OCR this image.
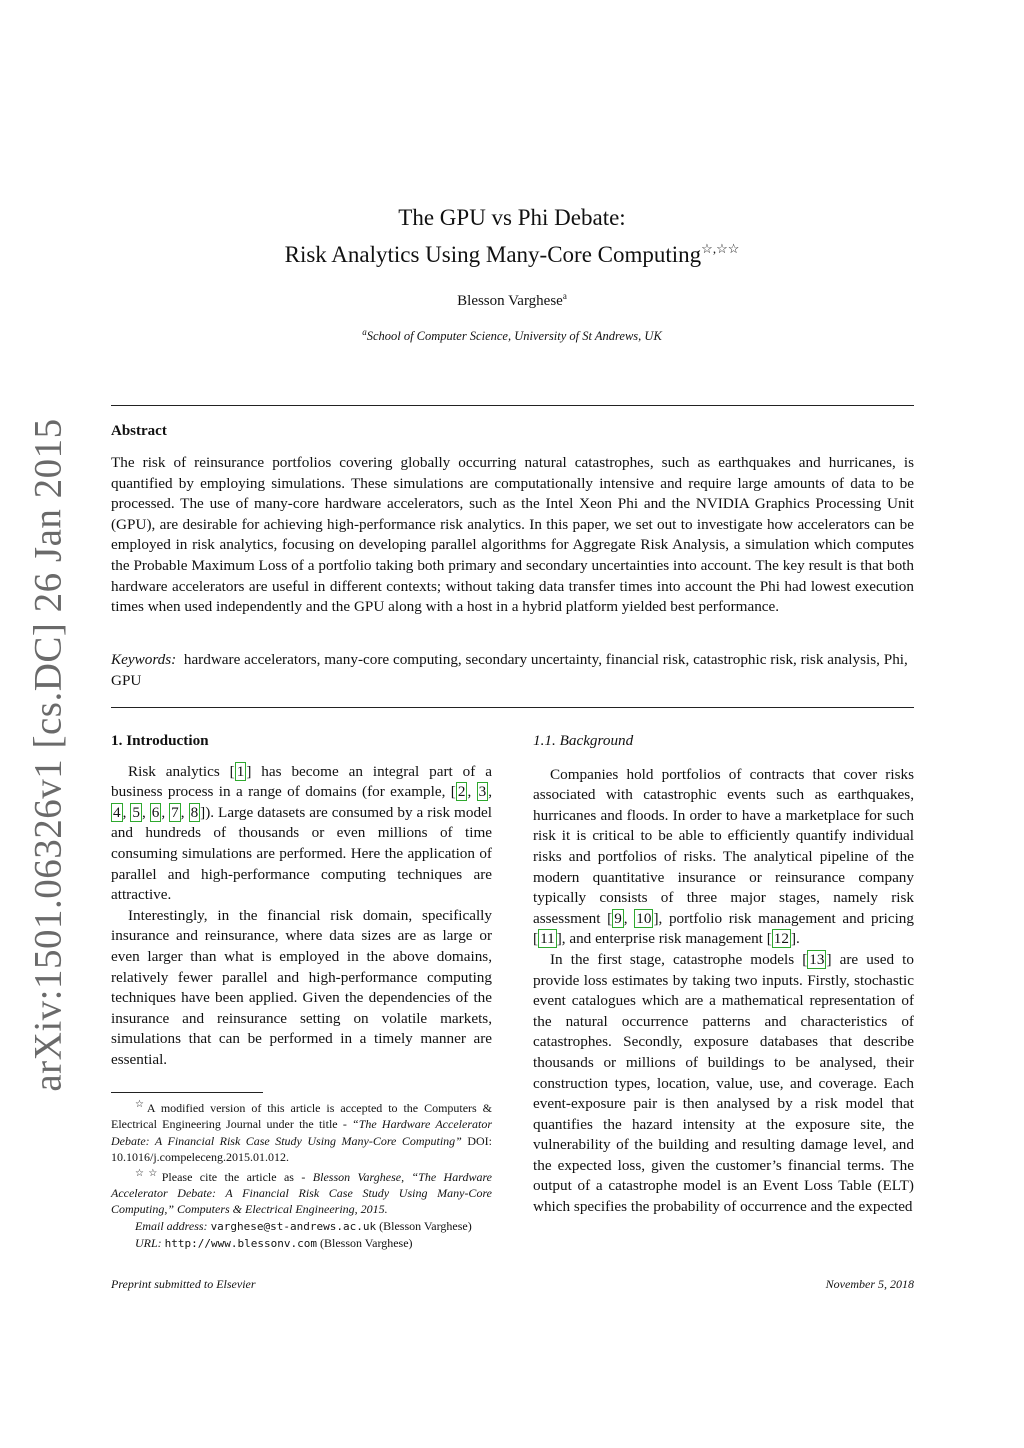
arXiv:1501.06326v1 [cs.DC] 26 Jan 2015
The GPU vs Phi Debate:
Risk Analytics Using Many-Core Computing☆,☆☆
Blesson Varghese$^a$
$^a$School of Computer Science, University of St Andrews, UK
Abstract

The risk of reinsurance portfolios covering globally occurring natural catastrophes, such as earthquakes and hurricanes, is quantified by employing simulations. These simulations are computationally intensive and require large amounts of data to be processed. The use of many-core hardware accelerators, such as the Intel Xeon Phi and the NVIDIA Graphics Processing Unit (GPU), are desirable for achieving high-performance risk analytics. In this paper, we set out to investigate how accelerators can be employed in risk analytics, focusing on developing parallel algorithms for Aggregate Risk Analysis, a simulation which computes the Probable Maximum Loss of a portfolio taking both primary and secondary uncertainties into account. The key result is that both hardware accelerators are useful in different contexts; without taking data transfer times into account the Phi had lowest execution times when used independently and the GPU along with a host in a hybrid platform yielded best performance.

Keywords: hardware accelerators, many-core computing, secondary uncertainty, financial risk, catastrophic risk, risk analysis, Phi, GPU

1. Introduction

Risk analytics [ 1 ] has become an integral part of a business process in a range of domains (for example, [ 2 , 3 , 4 , 5 , 6 , 7 , 8 ]). Large datasets are consumed by a risk model and hundreds of thousands or even millions of time consuming simulations are performed. Here the application of parallel and high-performance computing techniques are attractive.

Interestingly, in the financial risk domain, specifically insurance and reinsurance, where data sizes are as large or even larger than what is employed in the above domains, relatively fewer parallel and high-performance computing techniques have been applied. Given the dependencies of the insurance and reinsurance setting on volatile markets, simulations that can be performed in a timely manner are essential.

1.1. Background

Companies hold portfolios of contracts that cover risks associated with catastrophic events such as earthquakes, hurricanes and floods. In order to have a marketplace for such risk it is critical to be able to efficiently quantify individual risks and portfolios of risks. The analytical pipeline of the modern quantitative insurance or reinsurance company typically consists of three major stages, namely risk assessment [ 9 , 10 ], portfolio risk management and pricing [ 11 ], and enterprise risk management [ 12 ].

In the first stage, catastrophe models [ 13 ] are used to provide loss estimates by taking two inputs. Firstly, stochastic event catalogues which are a mathematical representation of the natural occurrence patterns and characteristics of catastrophes. Secondly, exposure databases that describe thousands or millions of buildings to be analysed, their construction types, location, value, use, and coverage. Each event-exposure pair is then analysed by a risk model that quantifies the hazard intensity at the exposure site, the vulnerability of the building and resulting damage level, and the expected loss, given the customer’s financial terms. The output of a catastrophe model is an Event Loss Table (ELT) which specifies the probability of occurrence and the expected

☆A modified version of this article is accepted to the Computers & Electrical Engineering Journal under the title - “The Hardware Accelerator Debate: A Financial Risk Case Study Using Many-Core Computing” DOI: 10.1016/j.compeleceng.2015.01.012.

☆☆Please cite the article as - Blesson Varghese, “The Hardware Accelerator Debate: A Financial Risk Case Study Using Many-Core Computing,” Computers & Electrical Engineering, 2015.

Email address: varghese@st-andrews.ac.uk (Blesson Varghese)

URL: http://www.blessonv.com (Blesson Varghese)

Preprint submitted to Elsevier	November 5, 2018
